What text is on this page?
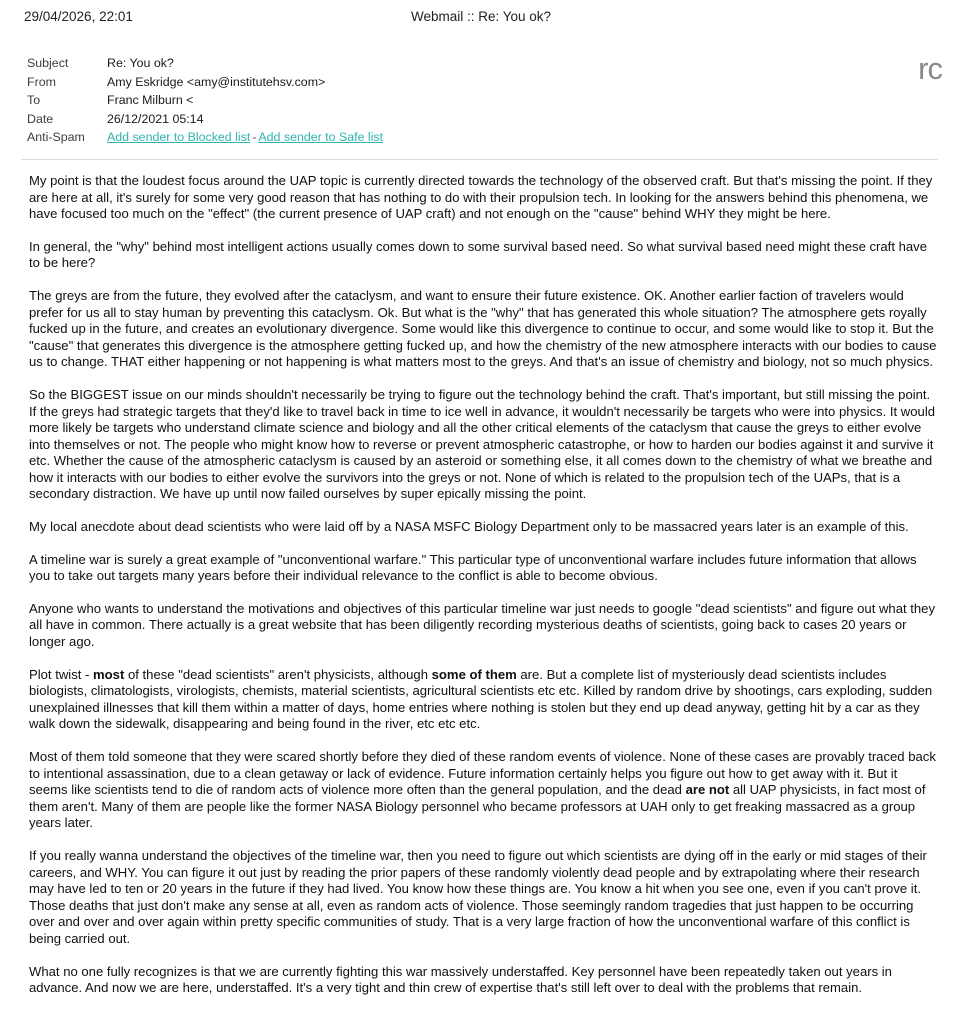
29/04/2026, 22:01	Webmail :: Re: You ok?
rc
Subject	Re: You ok?
From	Amy Eskridge <amy@institutehsv.com>
To	Franc Milburn <
Date	26/12/2021 05:14
Anti-Spam	Add sender to Blocked list - Add sender to Safe list

My point is that the loudest focus around the UAP topic is currently directed towards the technology of the observed craft. But that's missing the point. If they are here at all, it's surely for some very good reason that has nothing to do with their propulsion tech. In looking for the answers behind this phenomena, we have focused too much on the "effect" (the current presence of UAP craft) and not enough on the "cause" behind WHY they might be here.

In general, the "why" behind most intelligent actions usually comes down to some survival based need. So what survival based need might these craft have to be here?

The greys are from the future, they evolved after the cataclysm, and want to ensure their future existence. OK. Another earlier faction of travelers would prefer for us all to stay human by preventing this cataclysm. Ok. But what is the "why" that has generated this whole situation? The atmosphere gets royally fucked up in the future, and creates an evolutionary divergence. Some would like this divergence to continue to occur, and some would like to stop it. But the "cause" that generates this divergence is the atmosphere getting fucked up, and how the chemistry of the new atmosphere interacts with our bodies to cause us to change. THAT either happening or not happening is what matters most to the greys. And that's an issue of chemistry and biology, not so much physics.

So the BIGGEST issue on our minds shouldn't necessarily be trying to figure out the technology behind the craft. That's important, but still missing the point. If the greys had strategic targets that they'd like to travel back in time to ice well in advance, it wouldn't necessarily be targets who were into physics. It would more likely be targets who understand climate science and biology and all the other critical elements of the cataclysm that cause the greys to either evolve into themselves or not. The people who might know how to reverse or prevent atmospheric catastrophe, or how to harden our bodies against it and survive it etc. Whether the cause of the atmospheric cataclysm is caused by an asteroid or something else, it all comes down to the chemistry of what we breathe and how it interacts with our bodies to either evolve the survivors into the greys or not. None of which is related to the propulsion tech of the UAPs, that is a secondary distraction. We have up until now failed ourselves by super epically missing the point.

My local anecdote about dead scientists who were laid off by a NASA MSFC Biology Department only to be massacred years later is an example of this.

A timeline war is surely a great example of "unconventional warfare." This particular type of unconventional warfare includes future information that allows you to take out targets many years before their individual relevance to the conflict is able to become obvious.

Anyone who wants to understand the motivations and objectives of this particular timeline war just needs to google "dead scientists" and figure out what they all have in common. There actually is a great website that has been diligently recording mysterious deaths of scientists, going back to cases 20 years or longer ago.

Plot twist - most of these "dead scientists" aren't physicists, although some of them are. But a complete list of mysteriously dead scientists includes biologists, climatologists, virologists, chemists, material scientists, agricultural scientists etc etc. Killed by random drive by shootings, cars exploding, sudden unexplained illnesses that kill them within a matter of days, home entries where nothing is stolen but they end up dead anyway, getting hit by a car as they walk down the sidewalk, disappearing and being found in the river, etc etc etc.

Most of them told someone that they were scared shortly before they died of these random events of violence. None of these cases are provably traced back to intentional assassination, due to a clean getaway or lack of evidence. Future information certainly helps you figure out how to get away with it. But it seems like scientists tend to die of random acts of violence more often than the general population, and the dead are not all UAP physicists, in fact most of them aren't. Many of them are people like the former NASA Biology personnel who became professors at UAH only to get freaking massacred as a group years later.

If you really wanna understand the objectives of the timeline war, then you need to figure out which scientists are dying off in the early or mid stages of their careers, and WHY. You can figure it out just by reading the prior papers of these randomly violently dead people and by extrapolating where their research may have led to ten or 20 years in the future if they had lived. You know how these things are. You know a hit when you see one, even if you can't prove it. Those deaths that just don't make any sense at all, even as random acts of violence. Those seemingly random tragedies that just happen to be occurring over and over and over again within pretty specific communities of study. That is a very large fraction of how the unconventional warfare of this conflict is being carried out.

What no one fully recognizes is that we are currently fighting this war massively understaffed. Key personnel have been repeatedly taken out years in advance. And now we are here, understaffed. It's a very tight and thin crew of expertise that's still left over to deal with the problems that remain.
